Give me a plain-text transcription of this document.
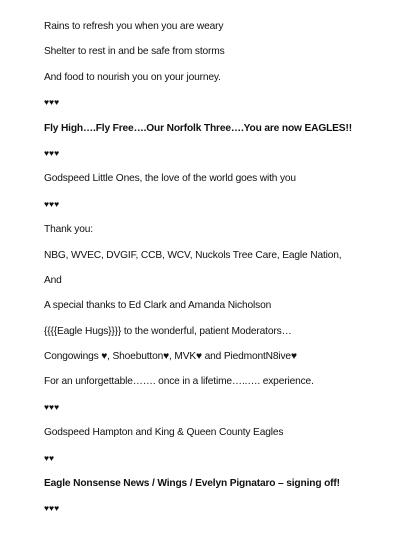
Rains to refresh you when you are weary
Shelter to rest in and be safe from storms
And food to nourish you on your journey.
♥♥♥
Fly High….Fly Free….Our Norfolk Three….You are now EAGLES!!
♥♥♥
Godspeed Little Ones, the love of the world goes with you
♥♥♥
Thank you:
NBG, WVEC, DVGIF, CCB, WCV, Nuckols Tree Care, Eagle Nation,
And
A special thanks to Ed Clark and Amanda Nicholson
{{{{Eagle Hugs}}}} to the wonderful, patient Moderators…
Congowings ♥, Shoebutton♥, MVK♥ and PiedmontN8ive♥
For an unforgettable……. once in a lifetime…..…. experience.
♥♥♥
Godspeed Hampton and King & Queen County Eagles
♥♥
Eagle Nonsense News / Wings / Evelyn Pignataro – signing off!
♥♥♥
